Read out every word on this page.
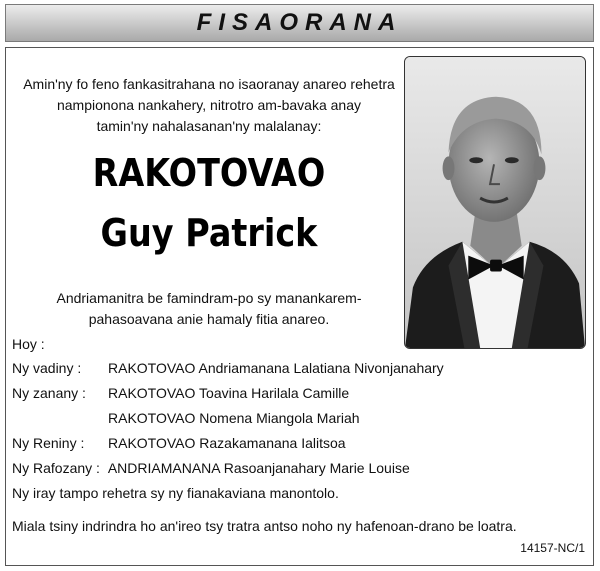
FISAORANA
Amin'ny fo feno fankasitrahana no isaoranay anareo rehetra
nampionona nankahery, nitrotro am-bavaka anay
tamin'ny nahalasanan'ny malalanay:
RAKOTOVAO
Guy Patrick
Andriamanitra be famindram-po sy manankarem-
pahasoavana anie hamaly fitia anareo.
Hoy :
Ny vadiny : RAKOTOVAO Andriamanana Lalatiana Nivonjanahary
Ny zanany : RAKOTOVAO Toavina Harilala Camille
RAKOTOVAO Nomena Miangola Mariah
Ny Reniny : RAKOTOVAO Razakamanana Ialitsoa
Ny Rafozany : ANDRIAMANANA Rasoanjanahary Marie Louise
Ny iray tampo rehetra sy ny fianakaviana manontolo.
Miala tsiny indrindra ho an'ireo tsy tratra antso noho ny hafenoan-drano be loatra.
14157-NC/1
